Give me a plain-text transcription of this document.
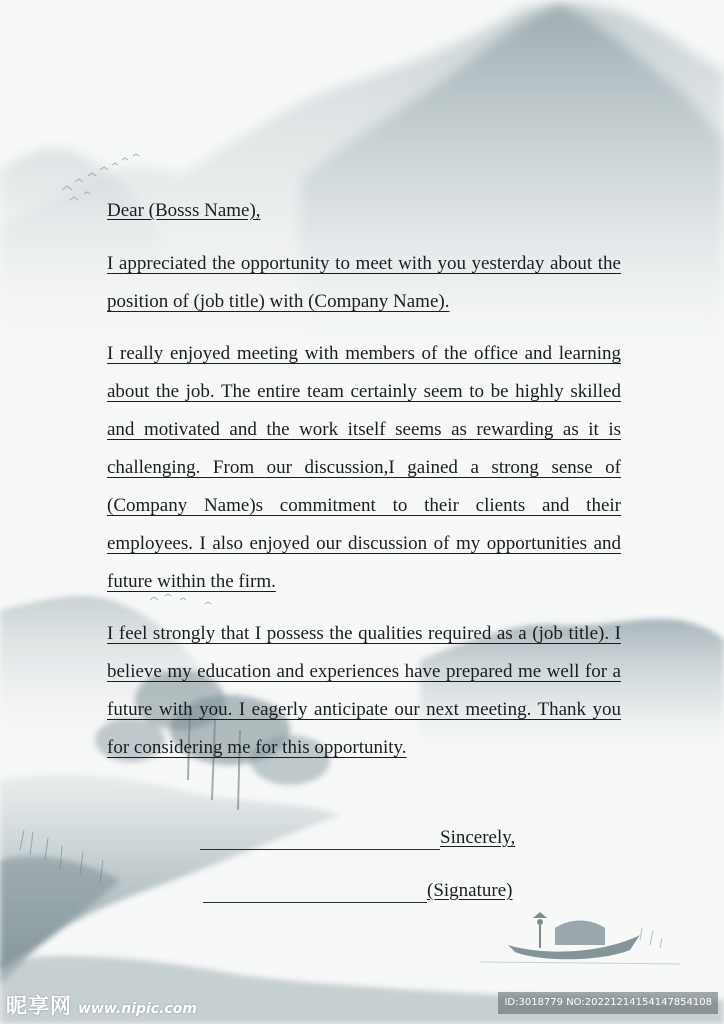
Dear (Bosss Name),
I appreciated the opportunity to meet with you yesterday about the position of (job title) with (Company Name).
I really enjoyed meeting with members of the office and learning about the job. The entire team certainly seem to be highly skilled and motivated and the work itself seems as rewarding as it is challenging. From our discussion,I gained a strong sense of (Company Name)s commitment to their clients and their employees. I also enjoyed our discussion of my opportunities and future within the firm.
I feel strongly that I possess the qualities required as a (job title). I believe my education and experiences have prepared me well for a future with you. I eagerly anticipate our next meeting. Thank you for considering me for this opportunity.
Sincerely,
(Signature)
昵享网 www.nipic.com	ID:3018779 NO:20221214154147854108
